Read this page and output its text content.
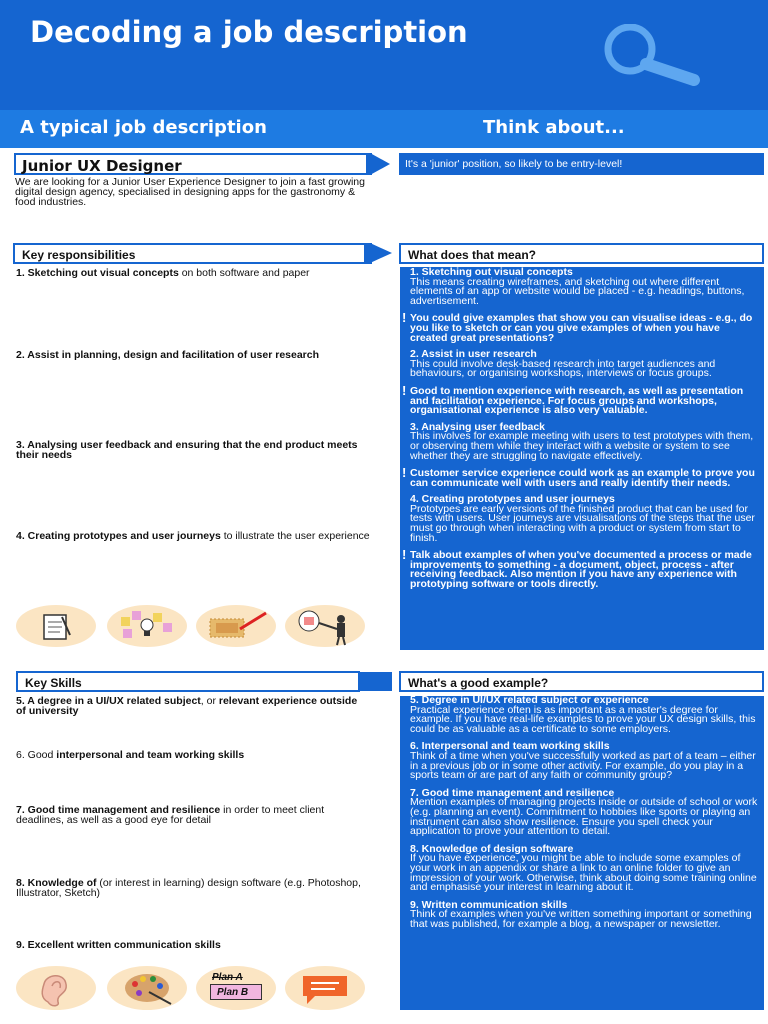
Decoding a job description
A typical job description	Think about...
Junior UX Designer	It's a 'junior' position, so likely to be entry-level!
We are looking for a Junior User Experience Designer to join a fast growing digital design agency, specialised in designing apps for the gastronomy & food industries.
Key responsibilities	What does that mean?
1. Sketching out visual concepts on both software and paper
2. Assist in planning, design and facilitation of user research
3. Analysing user feedback and ensuring that the end product meets their needs
4. Creating prototypes and user journeys to illustrate the user experience
1. Sketching out visual concepts
This means creating wireframes, and sketching out where different elements of an app or website would be placed - e.g. headings, buttons, advertisement.
! You could give examples that show you can visualise ideas - e.g., do you like to sketch or can you give examples of when you have created great presentations?
2. Assist in user research
This could involve desk-based research into target audiences and behaviours, or organising workshops, interviews or focus groups.
! Good to mention experience with research, as well as presentation and facilitation experience. For focus groups and workshops, organisational experience is also very valuable.
3. Analysing user feedback
This involves for example meeting with users to test prototypes with them, or observing them while they interact with a website or system to see whether they are struggling to navigate effectively.
! Customer service experience could work as an example to prove you can communicate well with users and really identify their needs.
4. Creating prototypes and user journeys
Prototypes are early versions of the finished product that can be used for tests with users. User journeys are visualisations of the steps that the user must go through when interacting with a product or system from start to finish.
! Talk about examples of when you've documented a process or made improvements to something - a document, object, process - after receiving feedback. Also mention if you have any experience with prototyping software or tools directly.
Key Skills	What's a good example?
5. A degree in a UI/UX related subject, or relevant experience outside of university
6. Good interpersonal and team working skills
7. Good time management and resilience in order to meet client deadlines, as well as a good eye for detail
8. Knowledge of (or interest in learning) design software (e.g. Photoshop, Illustrator, Sketch)
9. Excellent written communication skills
Plan A
Plan B
5. Degree in UI/UX related subject or experience
Practical experience often is as important as a master's degree for example. If you have real-life examples to prove your UX design skills, this could be as valuable as a certificate to some employers.
6. Interpersonal and team working skills
Think of a time when you've successfully worked as part of a team – either in a previous job or in some other activity. For example, do you play in a sports team or are part of any faith or community group?
7. Good time management and resilience
Mention examples of managing projects inside or outside of school or work (e.g. planning an event). Commitment to hobbies like sports or playing an instrument can also show resilience. Ensure you spell check your application to prove your attention to detail.
8. Knowledge of design software
If you have experience, you might be able to include some examples of your work in an appendix or share a link to an online folder to give an impression of your work. Otherwise, think about doing some training online and emphasise your interest in learning about it.
9. Written communication skills
Think of examples when you've written something important or something that was published, for example a blog, a newspaper or newsletter.
